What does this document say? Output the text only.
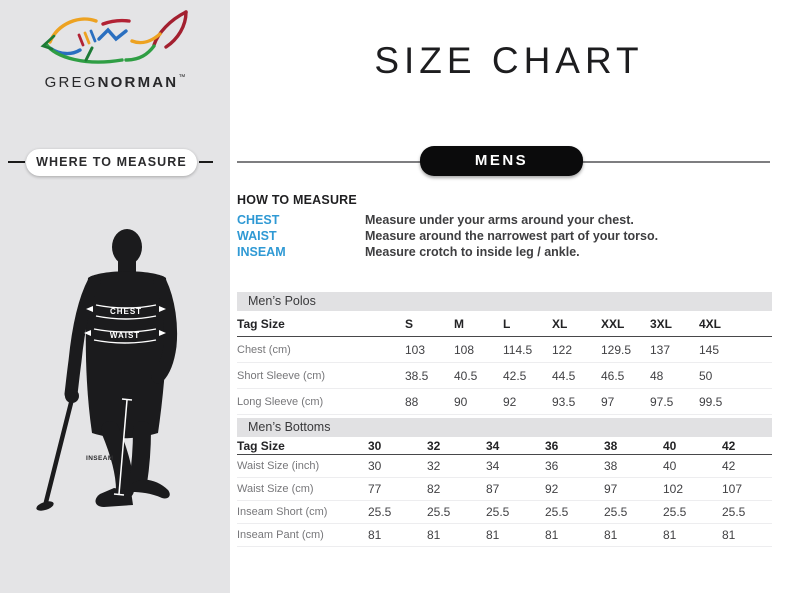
GREGNORMAN™
WHERE TO MEASURE
CHEST
WAIST
INSEAM
SIZE CHART
MENS
HOW TO MEASURE
CHEST	Measure under your arms around your chest.
WAIST	Measure around the narrowest part of your torso.
INSEAM	Measure crotch to inside leg / ankle.
Men’s Polos
Tag Size	S	M	L	XL	XXL	3XL	4XL
Chest (cm)	103	108	114.5	122	129.5	137	145
Short Sleeve (cm)	38.5	40.5	42.5	44.5	46.5	48	50
Long Sleeve (cm)	88	90	92	93.5	97	97.5	99.5
Men’s Bottoms
Tag Size	30	32	34	36	38	40	42
Waist Size (inch)	30	32	34	36	38	40	42
Waist Size (cm)	77	82	87	92	97	102	107
Inseam Short (cm)	25.5	25.5	25.5	25.5	25.5	25.5	25.5
Inseam Pant (cm)	81	81	81	81	81	81	81
